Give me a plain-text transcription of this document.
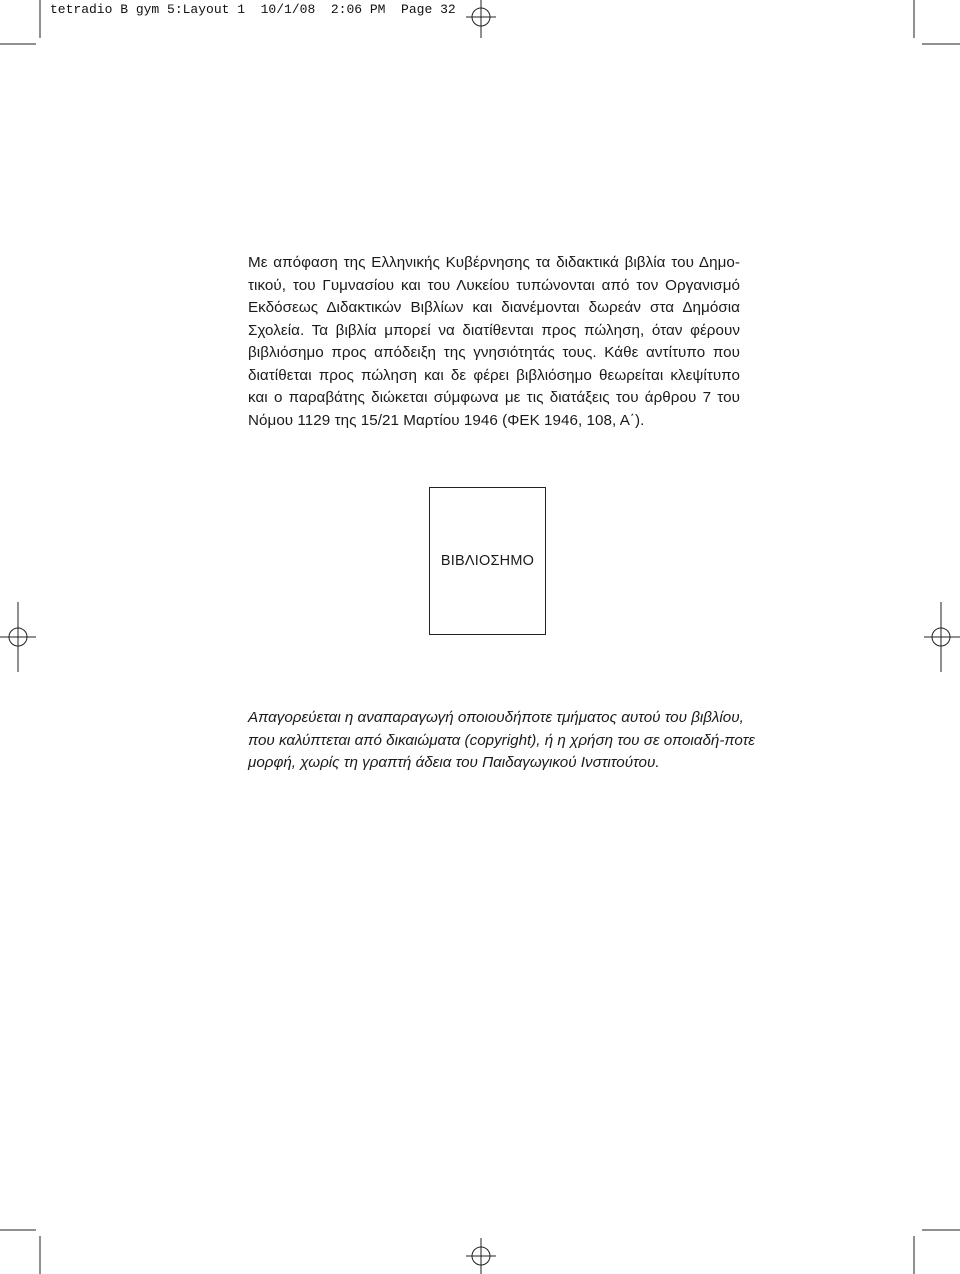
tetradio B gym 5:Layout 1  10/1/08  2:06 PM  Page 32
Με απόφαση της Ελληνικής Κυβέρνησης τα διδακτικά βιβλία του Δημο-
τικού, του Γυμνασίου και του Λυκείου τυπώνονται από τον Οργανισμό
Εκδόσεως Διδακτικών Βιβλίων και διανέμονται δωρεάν στα Δημόσια
Σχολεία. Τα βιβλία μπορεί να διατίθενται προς πώληση, όταν φέρουν
βιβλιόσημο προς απόδειξη της γνησιότητάς τους. Κάθε αντίτυπο που
διατίθεται προς πώληση και δε φέρει βιβλιόσημο θεωρείται κλεψίτυπο
και ο παραβάτης διώκεται σύμφωνα με τις διατάξεις του άρθρου 7 του
Νόμου 1129 της 15/21 Μαρτίου 1946 (ΦΕΚ 1946, 108, Α΄).
ΒΙΒΛΙΟΣΗΜΟ
Απαγορεύεται η αναπαραγωγή οποιουδήποτε τμήματος αυτού του βιβλίου,
που καλύπτεται από δικαιώματα (copyright), ή η χρήση του σε οποιαδή-ποτε
μορφή, χωρίς τη γραπτή άδεια του Παιδαγωγικού Ινστιτούτου.
